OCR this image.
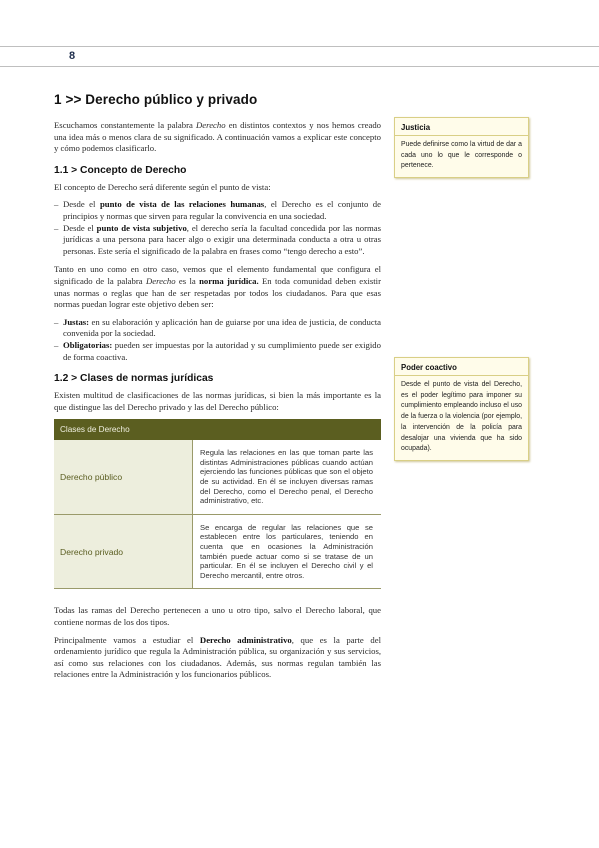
8
1 >> Derecho público y privado

Escuchamos constantemente la palabra Derecho en distintos contextos y nos hemos creado una idea más o menos clara de su significado. A continuación vamos a explicar este concepto y cómo podemos clasificarlo.

1.1 > Concepto de Derecho

El concepto de Derecho será diferente según el punto de vista:

– Desde el punto de vista de las relaciones humanas, el Derecho es el conjunto de principios y normas que sirven para regular la convivencia en una sociedad.
– Desde el punto de vista subjetivo, el derecho sería la facultad concedida por las normas jurídicas a una persona para hacer algo o exigir una determinada conducta a otra u otras personas. Este sería el significado de la palabra en frases como “tengo derecho a esto”.

Tanto en uno como en otro caso, vemos que el elemento fundamental que configura el significado de la palabra Derecho es la norma jurídica. En toda comunidad deben existir unas normas o reglas que han de ser respetadas por todos los ciudadanos. Para que esas normas puedan lograr este objetivo deben ser:

– Justas: en su elaboración y aplicación han de guiarse por una idea de justicia, de conducta convenida por la sociedad.
– Obligatorias: pueden ser impuestas por la autoridad y su cumplimiento puede ser exigido de forma coactiva.
1.2 > Clases de normas jurídicas

Existen multitud de clasificaciones de las normas jurídicas, si bien la más importante es la que distingue las del Derecho privado y las del Derecho público:

Clases de Derecho	
Derecho público	Regula las relaciones en las que toman parte las distintas Administraciones públicas cuando actúan ejerciendo las funciones públicas que son el objeto de su actividad. En él se incluyen diversas ramas del Derecho, como el Derecho penal, el Derecho administrativo, etc.
Derecho privado	Se encarga de regular las relaciones que se establecen entre los particulares, teniendo en cuenta que en ocasiones la Administración también puede actuar como si se tratase de un particular. En él se incluyen el Derecho civil y el Derecho mercantil, entre otros.

Todas las ramas del Derecho pertenecen a uno u otro tipo, salvo el Derecho laboral, que contiene normas de los dos tipos.

Principalmente vamos a estudiar el Derecho administrativo, que es la parte del ordenamiento jurídico que regula la Administración pública, su organización y sus servicios, así como sus relaciones con los ciudadanos. Además, sus normas regulan también las relaciones entre la Administración y los funcionarios públicos.

Justicia
Puede definirse como la virtud de dar a cada uno lo que le corresponde o pertenece.
Poder coactivo
Desde el punto de vista del Derecho, es el poder legítimo para imponer su cumplimiento empleando incluso el uso de la fuerza o la violencia (por ejemplo, la intervención de la policía para desalojar una vivienda que ha sido ocupada).
